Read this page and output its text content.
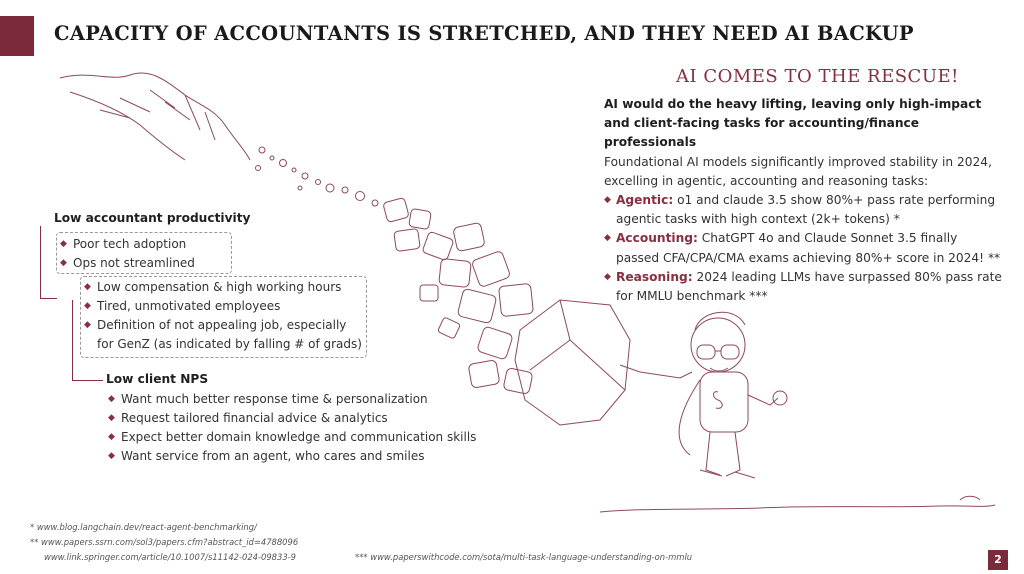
CAPACITY OF ACCOUNTANTS IS STRETCHED, AND THEY NEED AI BACKUP
AI COMES TO THE RESCUE!
AI would do the heavy lifting, leaving only high-impact and client-facing tasks for accounting/finance professionals
Foundational AI models significantly improved stability in 2024, excelling in agentic, accounting and reasoning tasks:
◆ Agentic: o1 and claude 3.5 show 80%+ pass rate performing agentic tasks with high context (2k+ tokens) *
◆ Accounting: ChatGPT 4o and Claude Sonnet 3.5 finally passed CFA/CPA/CMA exams achieving 80%+ score in 2024! **
◆ Reasoning: 2024 leading LLMs have surpassed 80% pass rate for MMLU benchmark ***
Low accountant productivity
◆ Poor tech adoption
◆ Ops not streamlined
◆ Low compensation & high working hours
◆ Tired, unmotivated employees
◆ Definition of not appealing job, especially
for GenZ (as indicated by falling # of grads)
Low client NPS
◆ Want much better response time & personalization
◆ Request tailored financial advice & analytics
◆ Expect better domain knowledge and communication skills
◆ Want service from an agent, who cares and smiles
* www.blog.langchain.dev/react-agent-benchmarking/
** www.papers.ssrn.com/sol3/papers.cfm?abstract_id=4788096
www.link.springer.com/article/10.1007/s11142-024-09833-9	*** www.paperswithcode.com/sota/multi-task-language-understanding-on-mmlu	2
